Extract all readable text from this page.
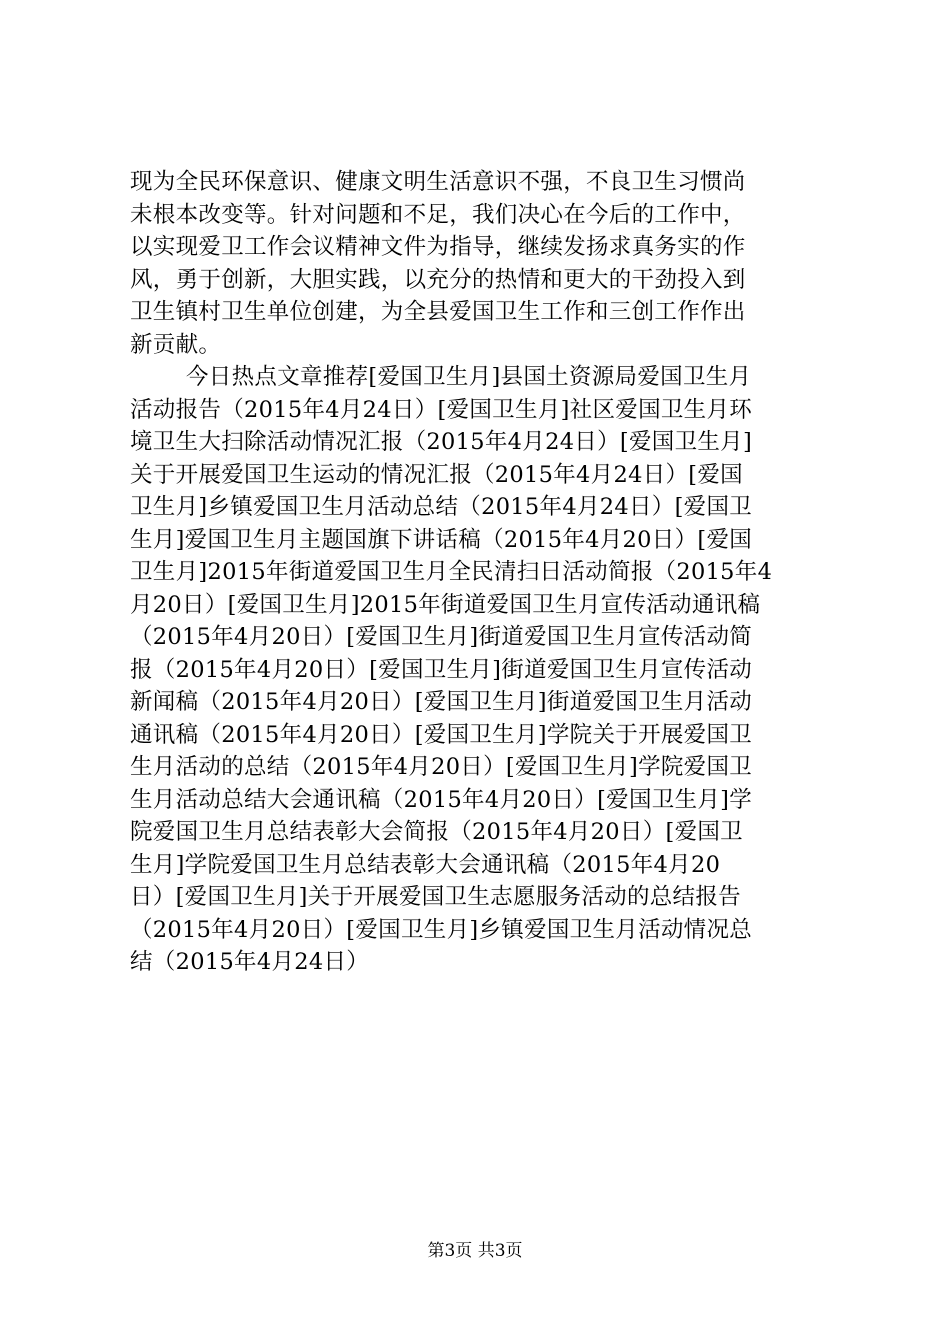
现为全民环保意识、健康文明生活意识不强，不良卫生习惯尚
未根本改变等。针对问题和不足，我们决心在今后的工作中，
以实现爱卫工作会议精神文件为指导，继续发扬求真务实的作
风，勇于创新，大胆实践，以充分的热情和更大的干劲投入到
卫生镇村卫生单位创建，为全县爱国卫生工作和三创工作作出
新贡献。
今日热点文章推荐[爱国卫生月]县国土资源局爱国卫生月
活动报告（2015年4月24日）[爱国卫生月]社区爱国卫生月环
境卫生大扫除活动情况汇报（2015年4月24日）[爱国卫生月]
关于开展爱国卫生运动的情况汇报（2015年4月24日）[爱国
卫生月]乡镇爱国卫生月活动总结（2015年4月24日）[爱国卫
生月]爱国卫生月主题国旗下讲话稿（2015年4月20日）[爱国
卫生月]2015年街道爱国卫生月全民清扫日活动简报（2015年4
月20日）[爱国卫生月]2015年街道爱国卫生月宣传活动通讯稿
（2015年4月20日）[爱国卫生月]街道爱国卫生月宣传活动简
报（2015年4月20日）[爱国卫生月]街道爱国卫生月宣传活动
新闻稿（2015年4月20日）[爱国卫生月]街道爱国卫生月活动
通讯稿（2015年4月20日）[爱国卫生月]学院关于开展爱国卫
生月活动的总结（2015年4月20日）[爱国卫生月]学院爱国卫
生月活动总结大会通讯稿（2015年4月20日）[爱国卫生月]学
院爱国卫生月总结表彰大会简报（2015年4月20日）[爱国卫
生月]学院爱国卫生月总结表彰大会通讯稿（2015年4月20
日）[爱国卫生月]关于开展爱国卫生志愿服务活动的总结报告
（2015年4月20日）[爱国卫生月]乡镇爱国卫生月活动情况总
结（2015年4月24日）
第3页 共3页
